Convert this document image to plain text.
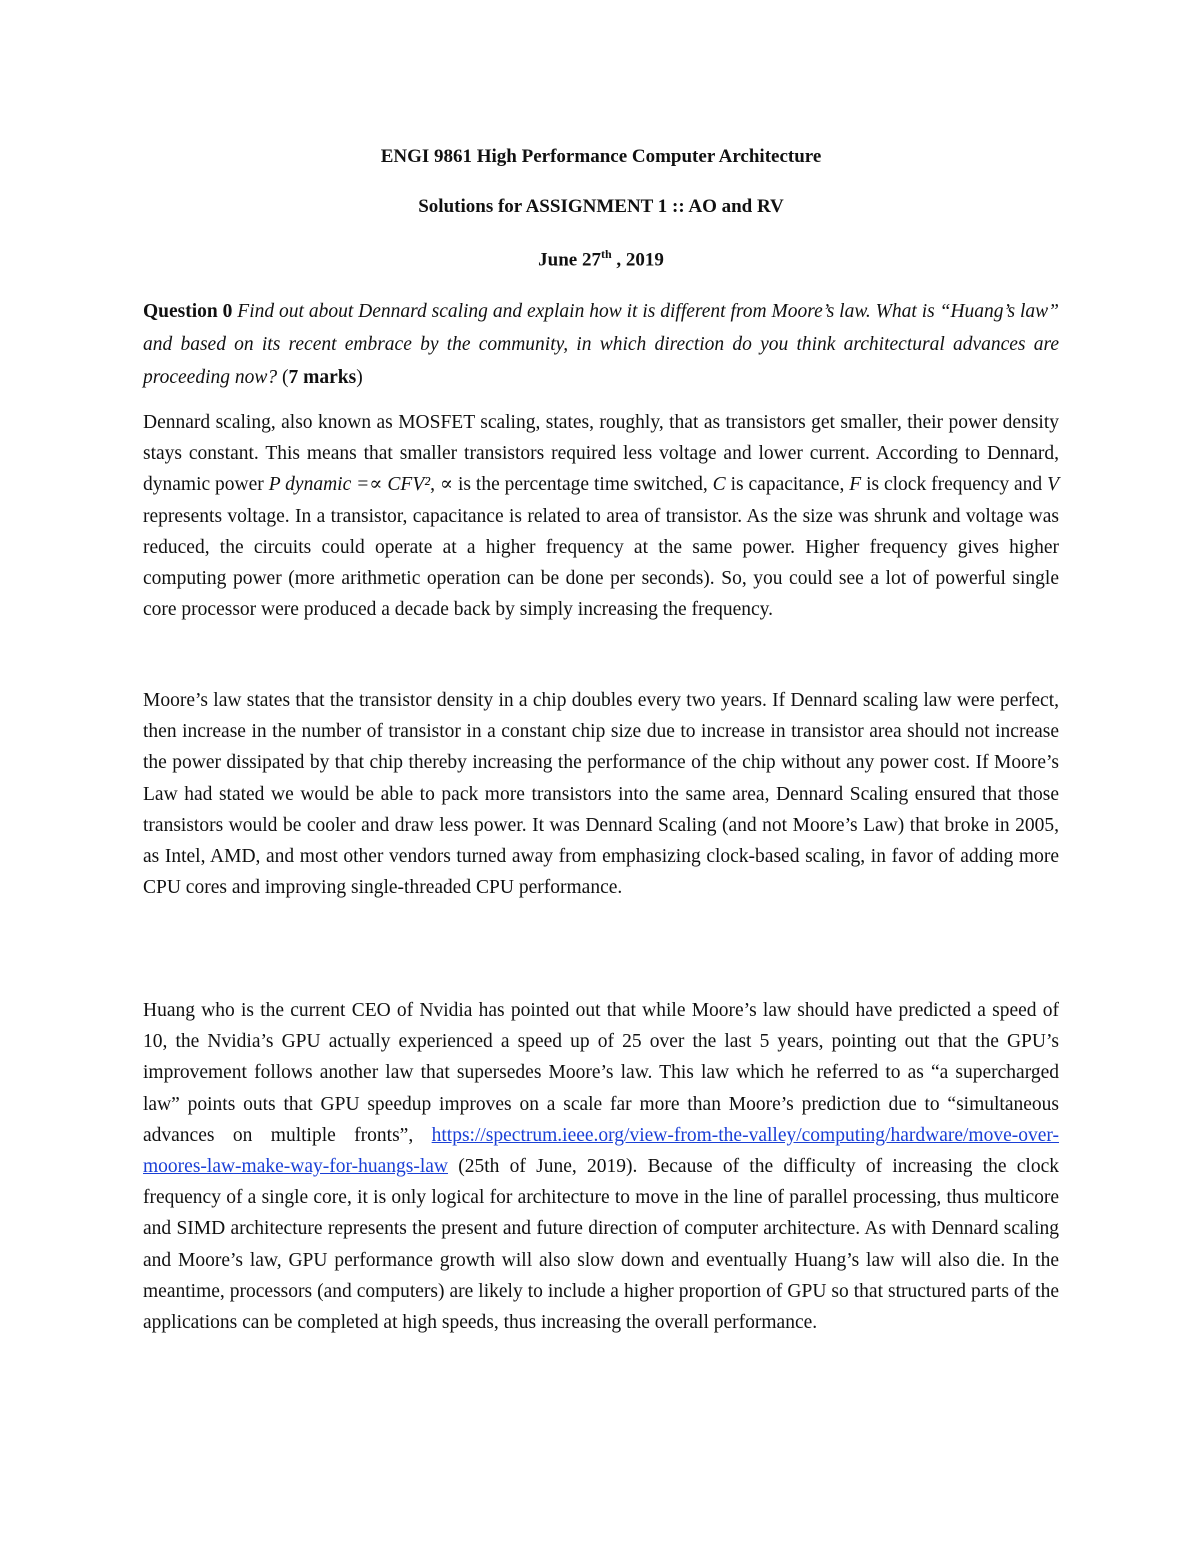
ENGI 9861 High Performance Computer Architecture

Solutions for ASSIGNMENT 1 :: AO and RV

June 27th , 2019

Question 0 Find out about Dennard scaling and explain how it is different from Moore’s law. What is “Huang’s law” and based on its recent embrace by the community, in which direction do you think architectural advances are proceeding now? (7 marks)

Dennard scaling, also known as MOSFET scaling, states, roughly, that as transistors get smaller, their power density stays constant. This means that smaller transistors required less voltage and lower current. According to Dennard, dynamic power P dynamic =∝ CFV², ∝ is the percentage time switched, C is capacitance, F is clock frequency and V represents voltage. In a transistor, capacitance is related to area of transistor. As the size was shrunk and voltage was reduced, the circuits could operate at a higher frequency at the same power. Higher frequency gives higher computing power (more arithmetic operation can be done per seconds). So, you could see a lot of powerful single core processor were produced a decade back by simply increasing the frequency.

Moore’s law states that the transistor density in a chip doubles every two years. If Dennard scaling law were perfect, then increase in the number of transistor in a constant chip size due to increase in transistor area should not increase the power dissipated by that chip thereby increasing the performance of the chip without any power cost. If Moore’s Law had stated we would be able to pack more transistors into the same area, Dennard Scaling ensured that those transistors would be cooler and draw less power. It was Dennard Scaling (and not Moore’s Law) that broke in 2005, as Intel, AMD, and most other vendors turned away from emphasizing clock-based scaling, in favor of adding more CPU cores and improving single-threaded CPU performance.

Huang who is the current CEO of Nvidia has pointed out that while Moore’s law should have predicted a speed of 10, the Nvidia’s GPU actually experienced a speed up of 25 over the last 5 years, pointing out that the GPU’s improvement follows another law that supersedes Moore’s law. This law which he referred to as “a supercharged law” points outs that GPU speedup improves on a scale far more than Moore’s prediction due to “simultaneous advances on multiple fronts”, https://spectrum.ieee.org/view-from-the-valley/computing/hardware/move-over-moores-law-make-way-for-huangs-law (25th of June, 2019). Because of the difficulty of increasing the clock frequency of a single core, it is only logical for architecture to move in the line of parallel processing, thus multicore and SIMD architecture represents the present and future direction of computer architecture. As with Dennard scaling and Moore’s law, GPU performance growth will also slow down and eventually Huang’s law will also die. In the meantime, processors (and computers) are likely to include a higher proportion of GPU so that structured parts of the applications can be completed at high speeds, thus increasing the overall performance.
